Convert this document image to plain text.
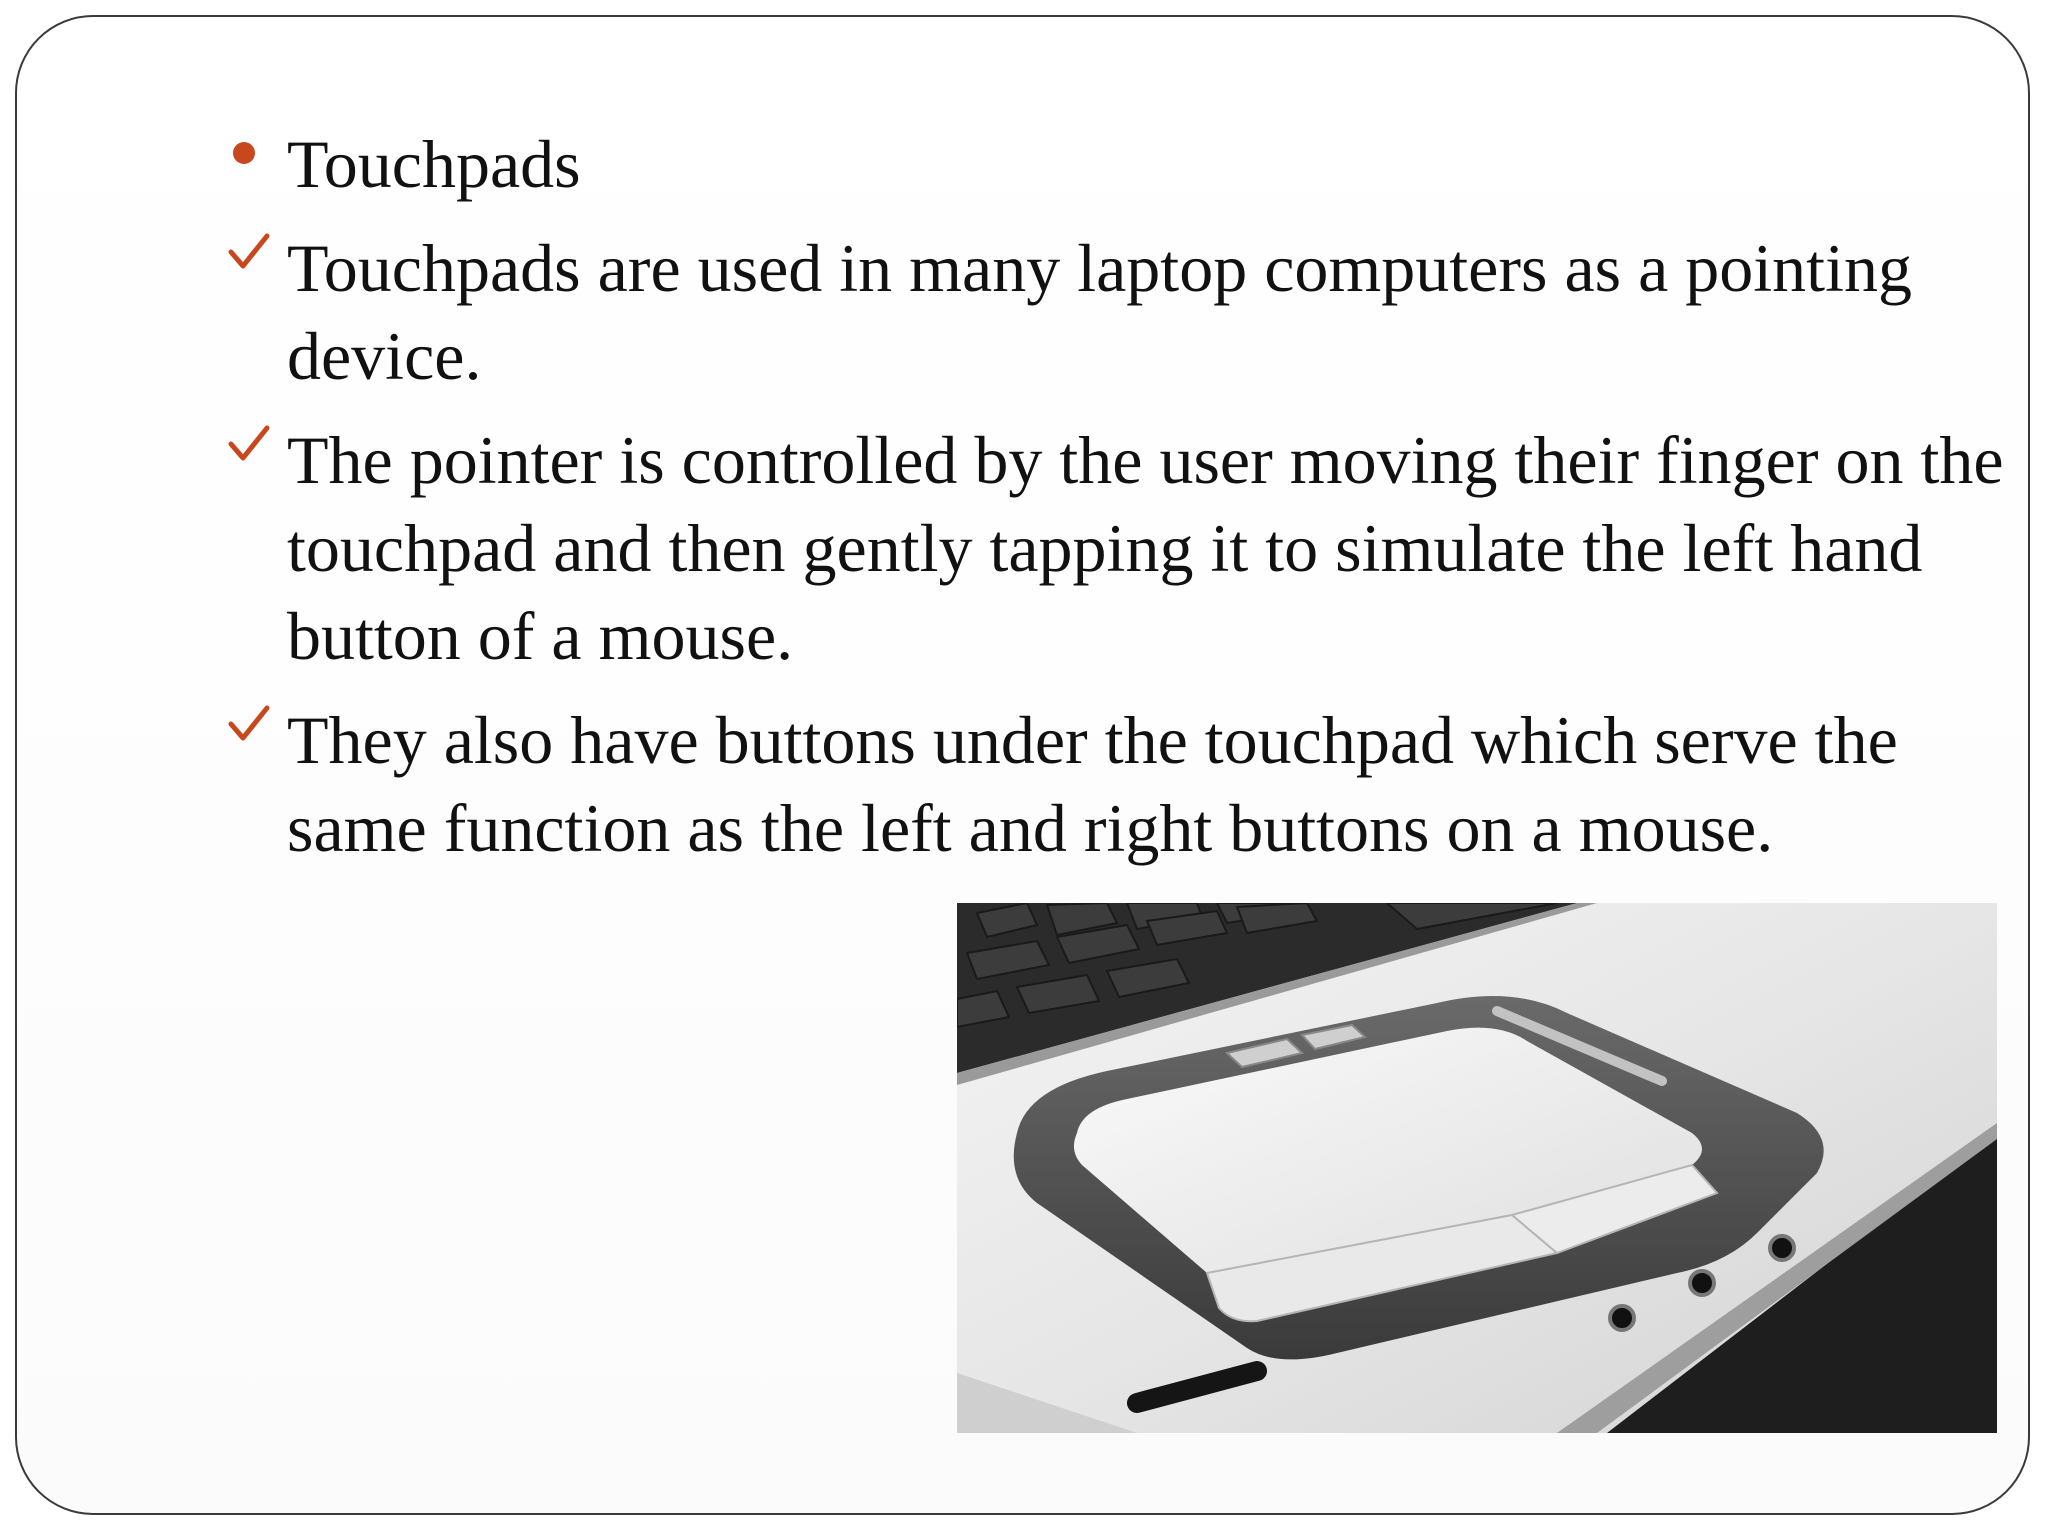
Touchpads
Touchpads are used in many laptop computers as a pointing device.
The pointer is controlled by the user moving their finger on the touchpad and then gently tapping it to simulate the left hand button of a mouse.
They also have buttons under the touchpad which serve the same function as the left and right buttons on a mouse.
